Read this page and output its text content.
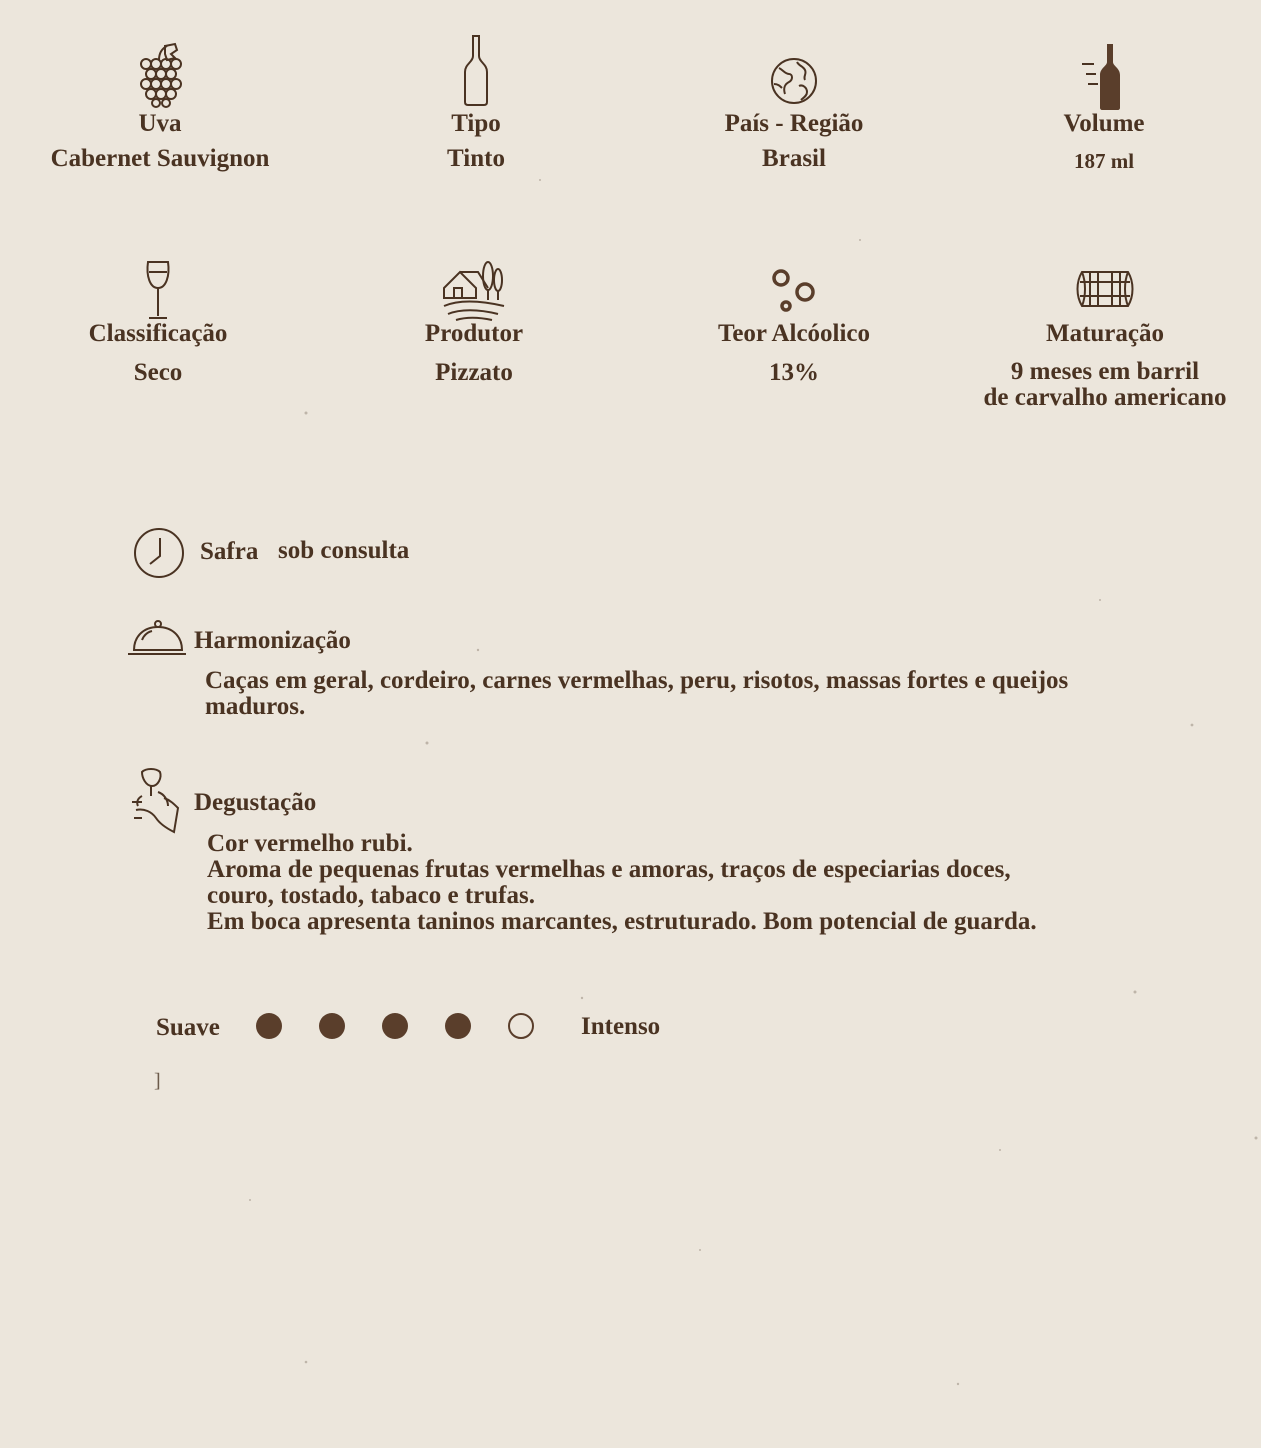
Uva
Cabernet Sauvignon
Tipo
Tinto
País - Região
Brasil
Volume
187 ml
Classificação
Seco
Produtor
Pizzato
Teor Alcóolico
13%
Maturação
9 meses em barril
de carvalho americano
Safra sob consulta
Harmonização
Caças em geral, cordeiro, carnes vermelhas, peru, risotos, massas fortes e queijos
maduros.
Degustação
Cor vermelho rubi.
Aroma de pequenas frutas vermelhas e amoras, traços de especiarias doces,
couro, tostado, tabaco e trufas.
Em boca apresenta taninos marcantes, estruturado. Bom potencial de guarda.
Suave	Intenso
]
